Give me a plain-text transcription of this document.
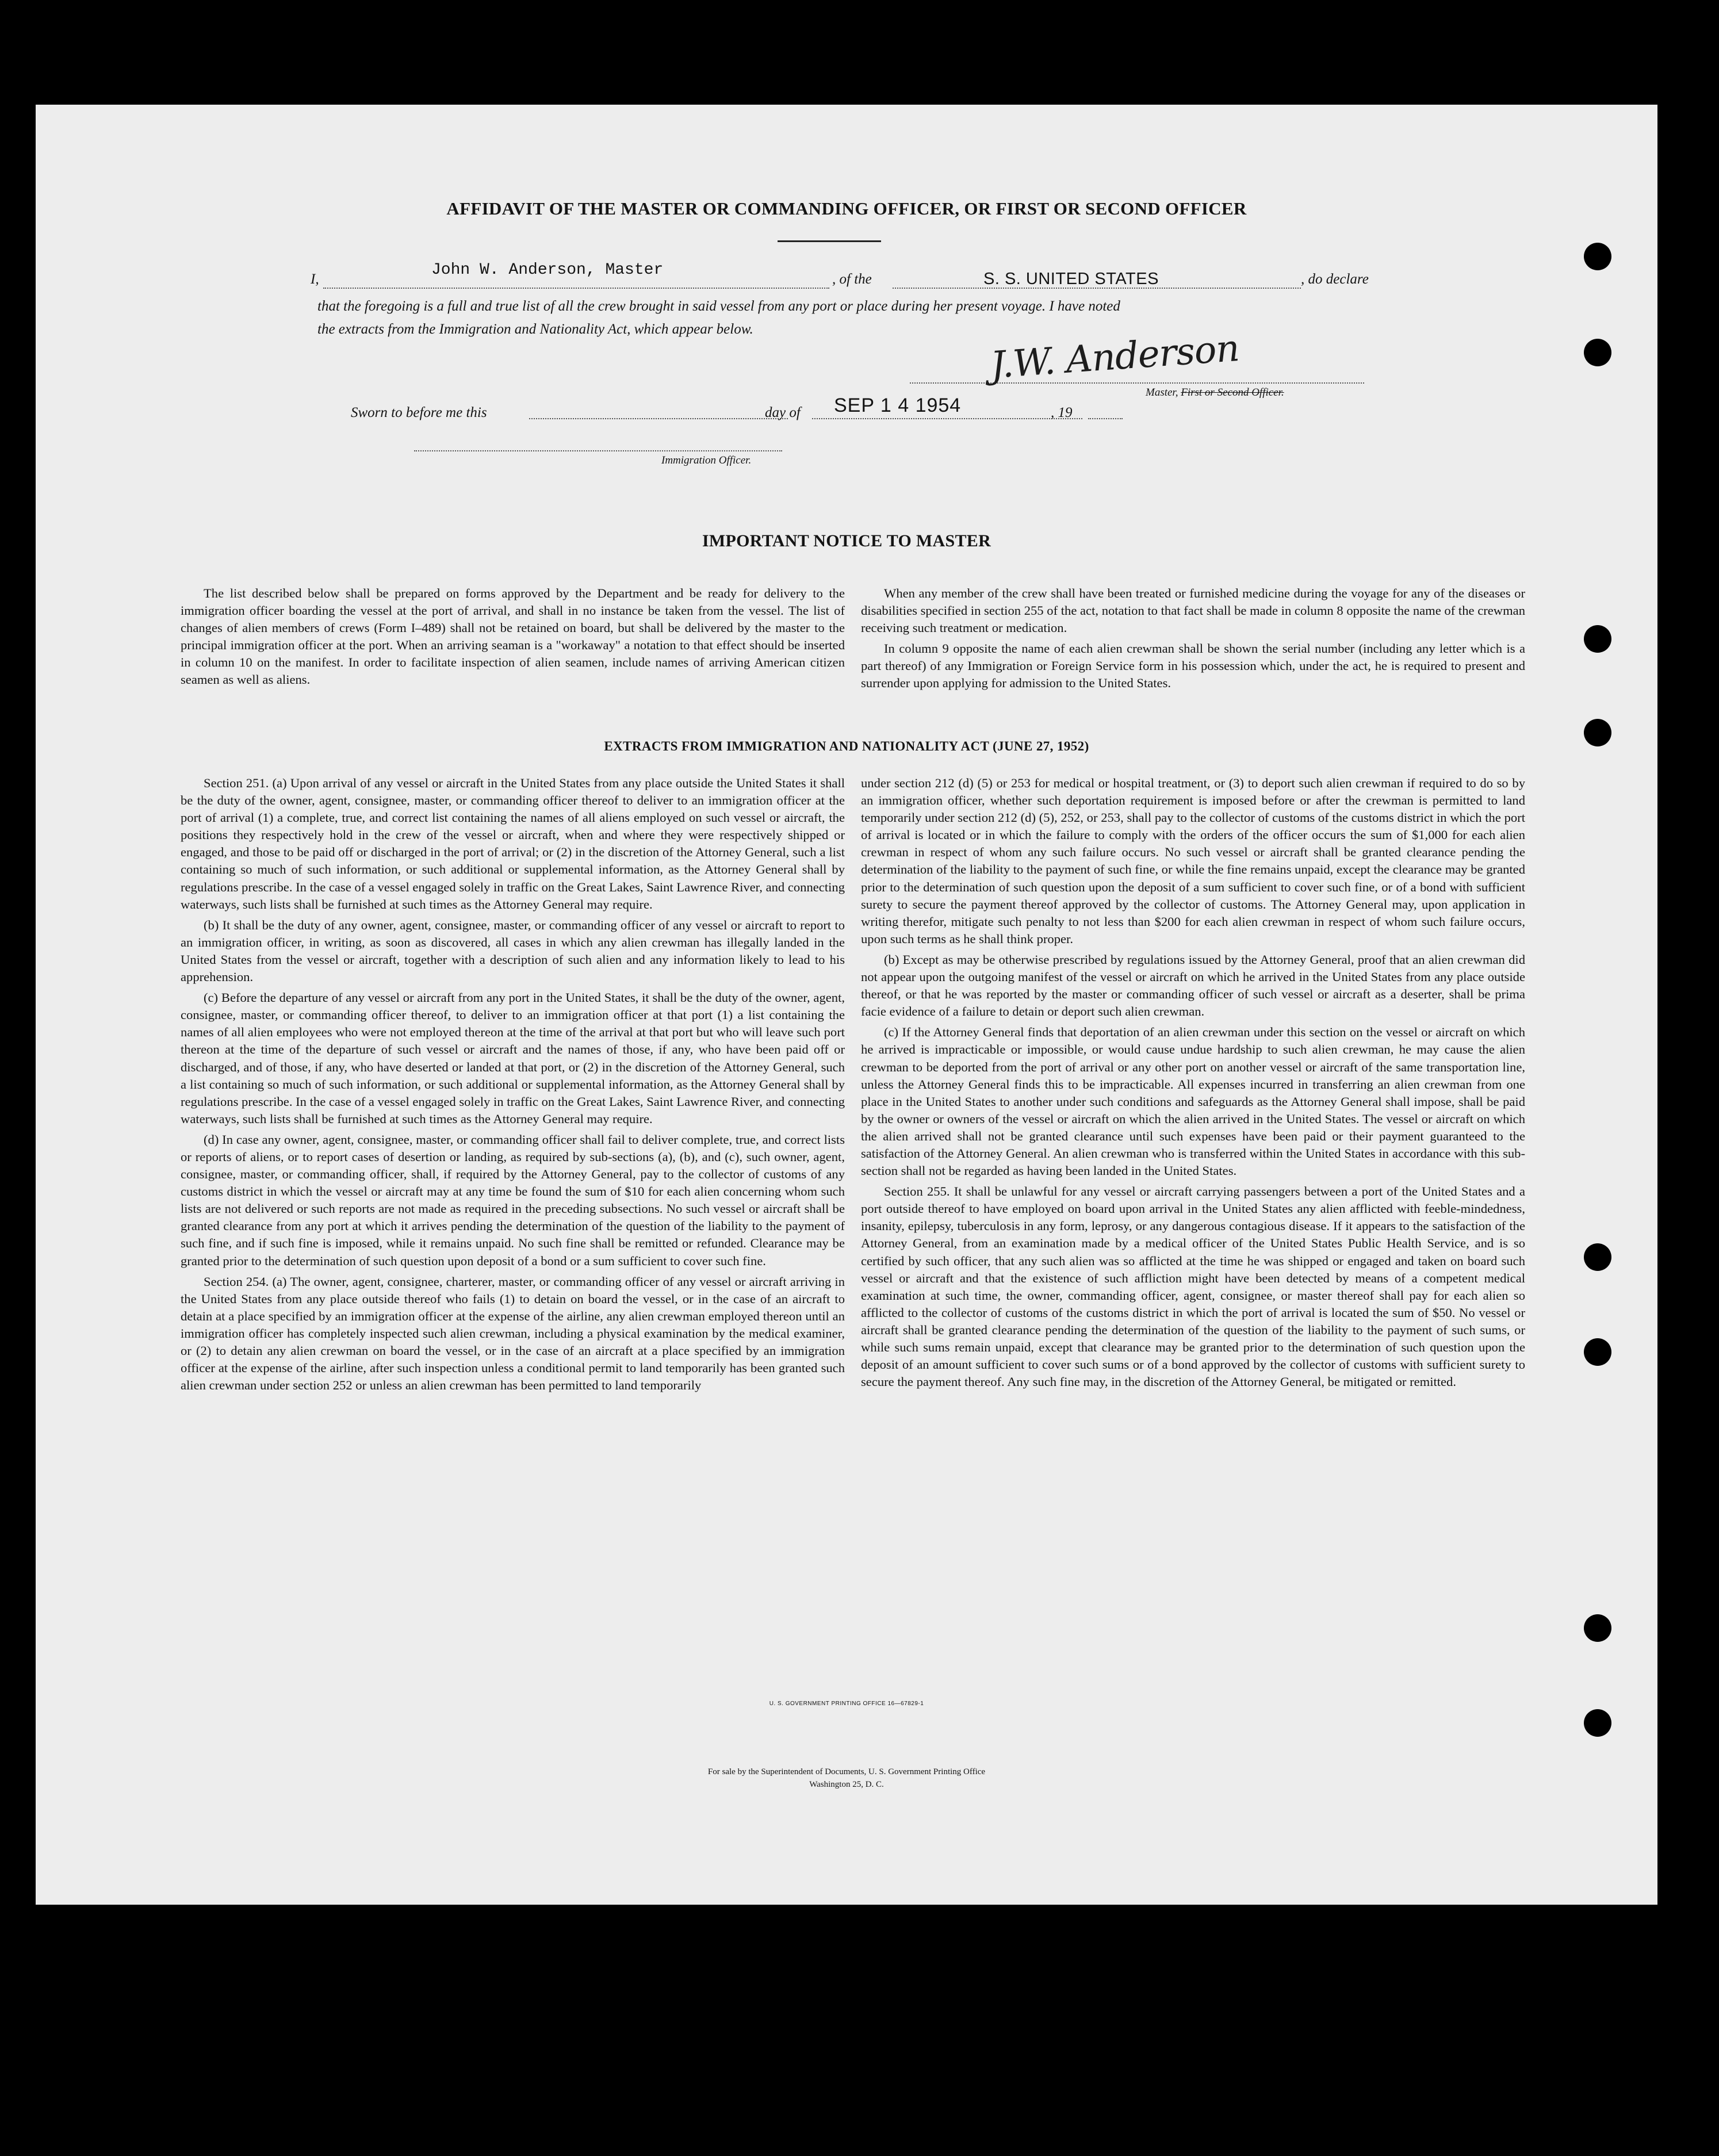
AFFIDAVIT OF THE MASTER OR COMMANDING OFFICER, OR FIRST OR SECOND OFFICER
I,
John W. Anderson, Master
, of the	S. S. UNITED STATES	, do declare
that the foregoing is a full and true list of all the crew brought in said vessel from any port or place during her present voyage. I have noted
the extracts from the Immigration and Nationality Act, which appear below.	J.W. Anderson
Master, First or Second Officer.
Sworn to before me this	day of SEP 1 4 1954	, 19
Immigration Officer.
IMPORTANT NOTICE TO MASTER

The list described below shall be prepared on forms approved by the Department and be ready for delivery to the immigration officer boarding the vessel at the port of arrival, and shall in no instance be taken from the vessel. The list of changes of alien members of crews (Form I–489) shall not be retained on board, but shall be delivered by the master to the principal immigration officer at the port. When an arriving seaman is a "workaway" a notation to that effect should be inserted in column 10 on the manifest. In order to facilitate inspection of alien seamen, include names of arriving American citizen seamen as well as aliens.

When any member of the crew shall have been treated or furnished medicine during the voyage for any of the diseases or disabilities specified in section 255 of the act, notation to that fact shall be made in column 8 opposite the name of the crewman receiving such treatment or medication.

In column 9 opposite the name of each alien crewman shall be shown the serial number (including any letter which is a part thereof) of any Immigration or Foreign Service form in his possession which, under the act, he is required to present and surrender upon applying for admission to the United States.

EXTRACTS FROM IMMIGRATION AND NATIONALITY ACT (JUNE 27, 1952)

Section 251. (a) Upon arrival of any vessel or aircraft in the United States from any place outside the United States it shall be the duty of the owner, agent, consignee, master, or commanding officer thereof to deliver to an immigration officer at the port of arrival (1) a complete, true, and correct list containing the names of all aliens employed on such vessel or aircraft, the positions they respectively hold in the crew of the vessel or aircraft, when and where they were respectively shipped or engaged, and those to be paid off or discharged in the port of arrival; or (2) in the discretion of the Attorney General, such a list containing so much of such information, or such additional or supplemental information, as the Attorney General shall by regulations prescribe. In the case of a vessel engaged solely in traffic on the Great Lakes, Saint Lawrence River, and connecting waterways, such lists shall be furnished at such times as the Attorney General may require.

(b) It shall be the duty of any owner, agent, consignee, master, or commanding officer of any vessel or aircraft to report to an immigration officer, in writing, as soon as discovered, all cases in which any alien crewman has illegally landed in the United States from the vessel or aircraft, together with a description of such alien and any information likely to lead to his apprehension.

(c) Before the departure of any vessel or aircraft from any port in the United States, it shall be the duty of the owner, agent, consignee, master, or commanding officer thereof, to deliver to an immigration officer at that port (1) a list containing the names of all alien employees who were not employed thereon at the time of the arrival at that port but who will leave such port thereon at the time of the departure of such vessel or aircraft and the names of those, if any, who have been paid off or discharged, and of those, if any, who have deserted or landed at that port, or (2) in the discretion of the Attorney General, such a list containing so much of such information, or such additional or supplemental information, as the Attorney General shall by regulations prescribe. In the case of a vessel engaged solely in traffic on the Great Lakes, Saint Lawrence River, and connecting waterways, such lists shall be furnished at such times as the Attorney General may require.

(d) In case any owner, agent, consignee, master, or commanding officer shall fail to deliver complete, true, and correct lists or reports of aliens, or to report cases of desertion or landing, as required by sub-sections (a), (b), and (c), such owner, agent, consignee, master, or commanding officer, shall, if required by the Attorney General, pay to the collector of customs of any customs district in which the vessel or aircraft may at any time be found the sum of $10 for each alien concerning whom such lists are not delivered or such reports are not made as required in the preceding subsections. No such vessel or aircraft shall be granted clearance from any port at which it arrives pending the determination of the question of the liability to the payment of such fine, and if such fine is imposed, while it remains unpaid. No such fine shall be remitted or refunded. Clearance may be granted prior to the determination of such question upon deposit of a bond or a sum sufficient to cover such fine.

Section 254. (a) The owner, agent, consignee, charterer, master, or commanding officer of any vessel or aircraft arriving in the United States from any place outside thereof who fails (1) to detain on board the vessel, or in the case of an aircraft to detain at a place specified by an immigration officer at the expense of the airline, any alien crewman employed thereon until an immigration officer has completely inspected such alien crewman, including a physical examination by the medical examiner, or (2) to detain any alien crewman on board the vessel, or in the case of an aircraft at a place specified by an immigration officer at the expense of the airline, after such inspection unless a conditional permit to land temporarily has been granted such alien crewman under section 252 or unless an alien crewman has been permitted to land temporarily

under section 212 (d) (5) or 253 for medical or hospital treatment, or (3) to deport such alien crewman if required to do so by an immigration officer, whether such deportation requirement is imposed before or after the crewman is permitted to land temporarily under section 212 (d) (5), 252, or 253, shall pay to the collector of customs of the customs district in which the port of arrival is located or in which the failure to comply with the orders of the officer occurs the sum of $1,000 for each alien crewman in respect of whom any such failure occurs. No such vessel or aircraft shall be granted clearance pending the determination of the liability to the payment of such fine, or while the fine remains unpaid, except the clearance may be granted prior to the determination of such question upon the deposit of a sum sufficient to cover such fine, or of a bond with sufficient surety to secure the payment thereof approved by the collector of customs. The Attorney General may, upon application in writing therefor, mitigate such penalty to not less than $200 for each alien crewman in respect of whom such failure occurs, upon such terms as he shall think proper.

(b) Except as may be otherwise prescribed by regulations issued by the Attorney General, proof that an alien crewman did not appear upon the outgoing manifest of the vessel or aircraft on which he arrived in the United States from any place outside thereof, or that he was reported by the master or commanding officer of such vessel or aircraft as a deserter, shall be prima facie evidence of a failure to detain or deport such alien crewman.

(c) If the Attorney General finds that deportation of an alien crewman under this section on the vessel or aircraft on which he arrived is impracticable or impossible, or would cause undue hardship to such alien crewman, he may cause the alien crewman to be deported from the port of arrival or any other port on another vessel or aircraft of the same transportation line, unless the Attorney General finds this to be impracticable. All expenses incurred in transferring an alien crewman from one place in the United States to another under such conditions and safeguards as the Attorney General shall impose, shall be paid by the owner or owners of the vessel or aircraft on which the alien arrived in the United States. The vessel or aircraft on which the alien arrived shall not be granted clearance until such expenses have been paid or their payment guaranteed to the satisfaction of the Attorney General. An alien crewman who is transferred within the United States in accordance with this sub-section shall not be regarded as having been landed in the United States.

Section 255. It shall be unlawful for any vessel or aircraft carrying passengers between a port of the United States and a port outside thereof to have employed on board upon arrival in the United States any alien afflicted with feeble-mindedness, insanity, epilepsy, tuberculosis in any form, leprosy, or any dangerous contagious disease. If it appears to the satisfaction of the Attorney General, from an examination made by a medical officer of the United States Public Health Service, and is so certified by such officer, that any such alien was so afflicted at the time he was shipped or engaged and taken on board such vessel or aircraft and that the existence of such affliction might have been detected by means of a competent medical examination at such time, the owner, commanding officer, agent, consignee, or master thereof shall pay for each alien so afflicted to the collector of customs of the customs district in which the port of arrival is located the sum of $50. No vessel or aircraft shall be granted clearance pending the determination of the question of the liability to the payment of such sums, or while such sums remain unpaid, except that clearance may be granted prior to the determination of such question upon the deposit of an amount sufficient to cover such sums or of a bond approved by the collector of customs with sufficient surety to secure the payment thereof. Any such fine may, in the discretion of the Attorney General, be mitigated or remitted.

U. S. GOVERNMENT PRINTING OFFICE 16—67829-1
For sale by the Superintendent of Documents, U. S. Government Printing Office
Washington 25, D. C.
